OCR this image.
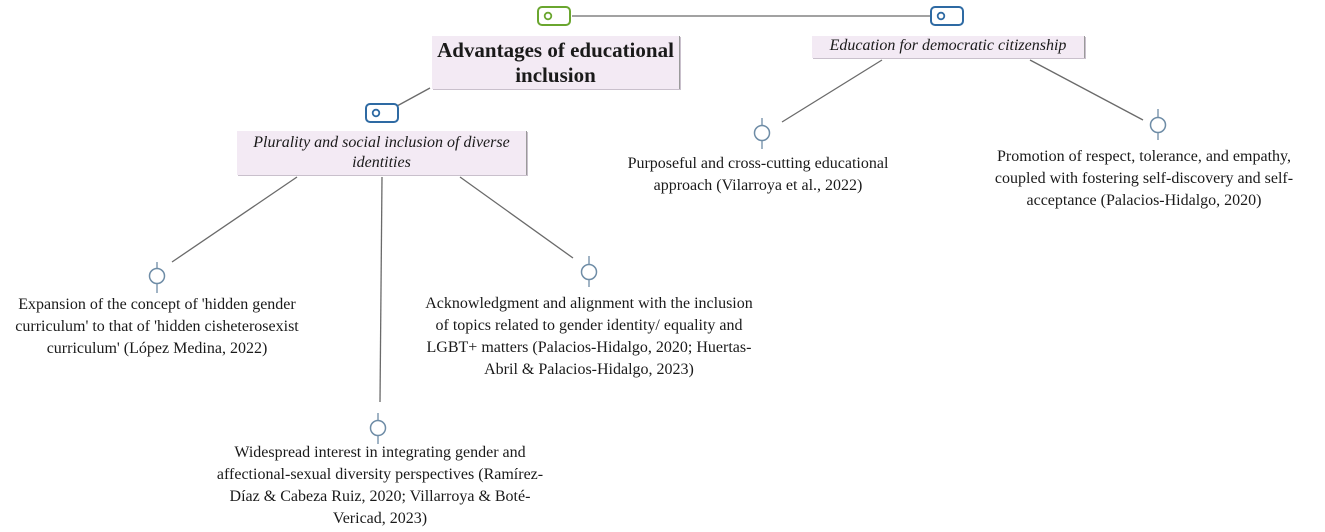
Advantages of educational inclusion
Plurality and social inclusion of diverse identities
Education for democratic citizenship
Expansion of the concept of 'hidden gender curriculum' to that of 'hidden cisheterosexist curriculum' (López Medina, 2022)
Acknowledgment and alignment with the inclusion of topics related to gender identity/ equality and LGBT+ matters (Palacios-Hidalgo, 2020; Huertas-Abril & Palacios-Hidalgo, 2023)
Widespread interest in integrating gender and affectional-sexual diversity perspectives (Ramírez-Díaz & Cabeza Ruiz, 2020; Villarroya & Boté-Vericad, 2023)
Purposeful and cross-cutting educational approach (Vilarroya et al., 2022)
Promotion of respect, tolerance, and empathy, coupled with fostering self-discovery and self-acceptance (Palacios-Hidalgo, 2020)
